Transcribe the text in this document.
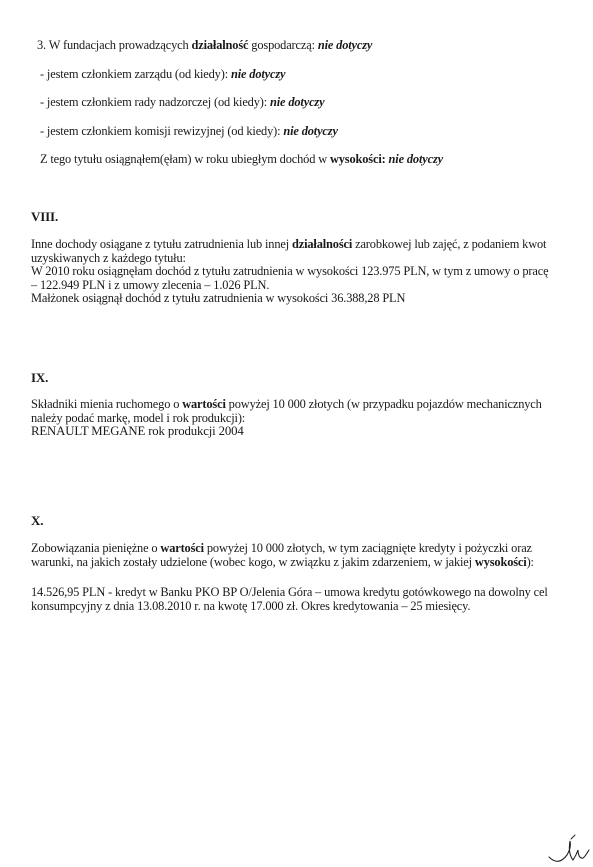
3. W fundacjach prowadzących działalność gospodarczą: nie dotyczy
- jestem członkiem zarządu (od kiedy): nie dotyczy
- jestem członkiem rady nadzorczej (od kiedy): nie dotyczy
- jestem członkiem komisji rewizyjnej (od kiedy): nie dotyczy
Z tego tytułu osiągnąłem(ęłam) w roku ubiegłym dochód w wysokości: nie dotyczy
VIII.
Inne dochody osiągane z tytułu zatrudnienia lub innej działalności zarobkowej lub zajęć, z podaniem kwot
uzyskiwanych z każdego tytułu:
W 2010 roku osiągnęłam dochód z tytułu zatrudnienia w wysokości 123.975 PLN, w tym z umowy o pracę
– 122.949 PLN i z umowy zlecenia – 1.026 PLN.
Małżonek osiągnął dochód z tytułu zatrudnienia w wysokości 36.388,28 PLN
IX.
Składniki mienia ruchomego o wartości powyżej 10 000 złotych (w przypadku pojazdów mechanicznych
należy podać markę, model i rok produkcji):
RENAULT MEGANE rok produkcji 2004
X.
Zobowiązania pieniężne o wartości powyżej 10 000 złotych, w tym zaciągnięte kredyty i pożyczki oraz
warunki, na jakich zostały udzielone (wobec kogo, w związku z jakim zdarzeniem, w jakiej wysokości):
14.526,95 PLN - kredyt w Banku PKO BP O/Jelenia Góra – umowa kredytu gotówkowego na dowolny cel
konsumpcyjny z dnia 13.08.2010 r. na kwotę 17.000 zł. Okres kredytowania – 25 miesięcy.
